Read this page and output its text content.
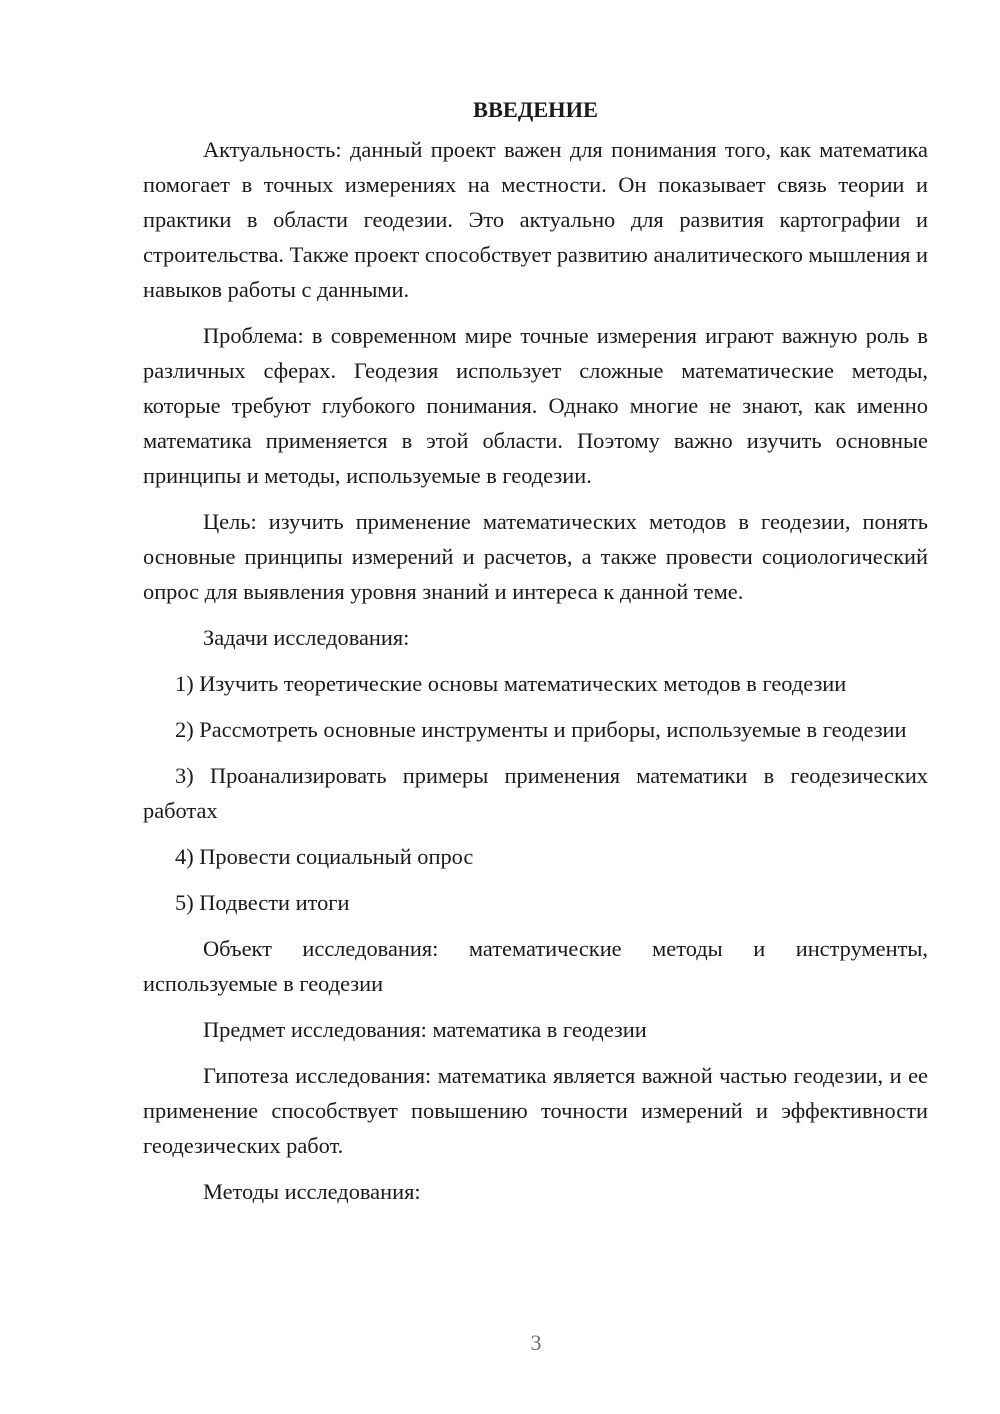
ВВЕДЕНИЕ

Актуальность: данный проект важен для понимания того, как математика помогает в точных измерениях на местности. Он показывает связь теории и практики в области геодезии. Это актуально для развития картографии и строительства. Также проект способствует развитию аналитического мышления и навыков работы с данными.

Проблема: в современном мире точные измерения играют важную роль в различных сферах. Геодезия использует сложные математические методы, которые требуют глубокого понимания. Однако многие не знают, как именно математика применяется в этой области. Поэтому важно изучить основные принципы и методы, используемые в геодезии.

Цель: изучить применение математических методов в геодезии, понять основные принципы измерений и расчетов, а также провести социологический опрос для выявления уровня знаний и интереса к данной теме.

Задачи исследования:

1) Изучить теоретические основы математических методов в геодезии

2) Рассмотреть основные инструменты и приборы, используемые в геодезии

3) Проанализировать примеры применения математики в геодезических работах

4) Провести социальный опрос

5) Подвести итоги

Объект исследования: математические методы и инструменты, используемые в геодезии

Предмет исследования: математика в геодезии

Гипотеза исследования: математика является важной частью геодезии, и ее применение способствует повышению точности измерений и эффективности геодезических работ.

Методы исследования:

3
